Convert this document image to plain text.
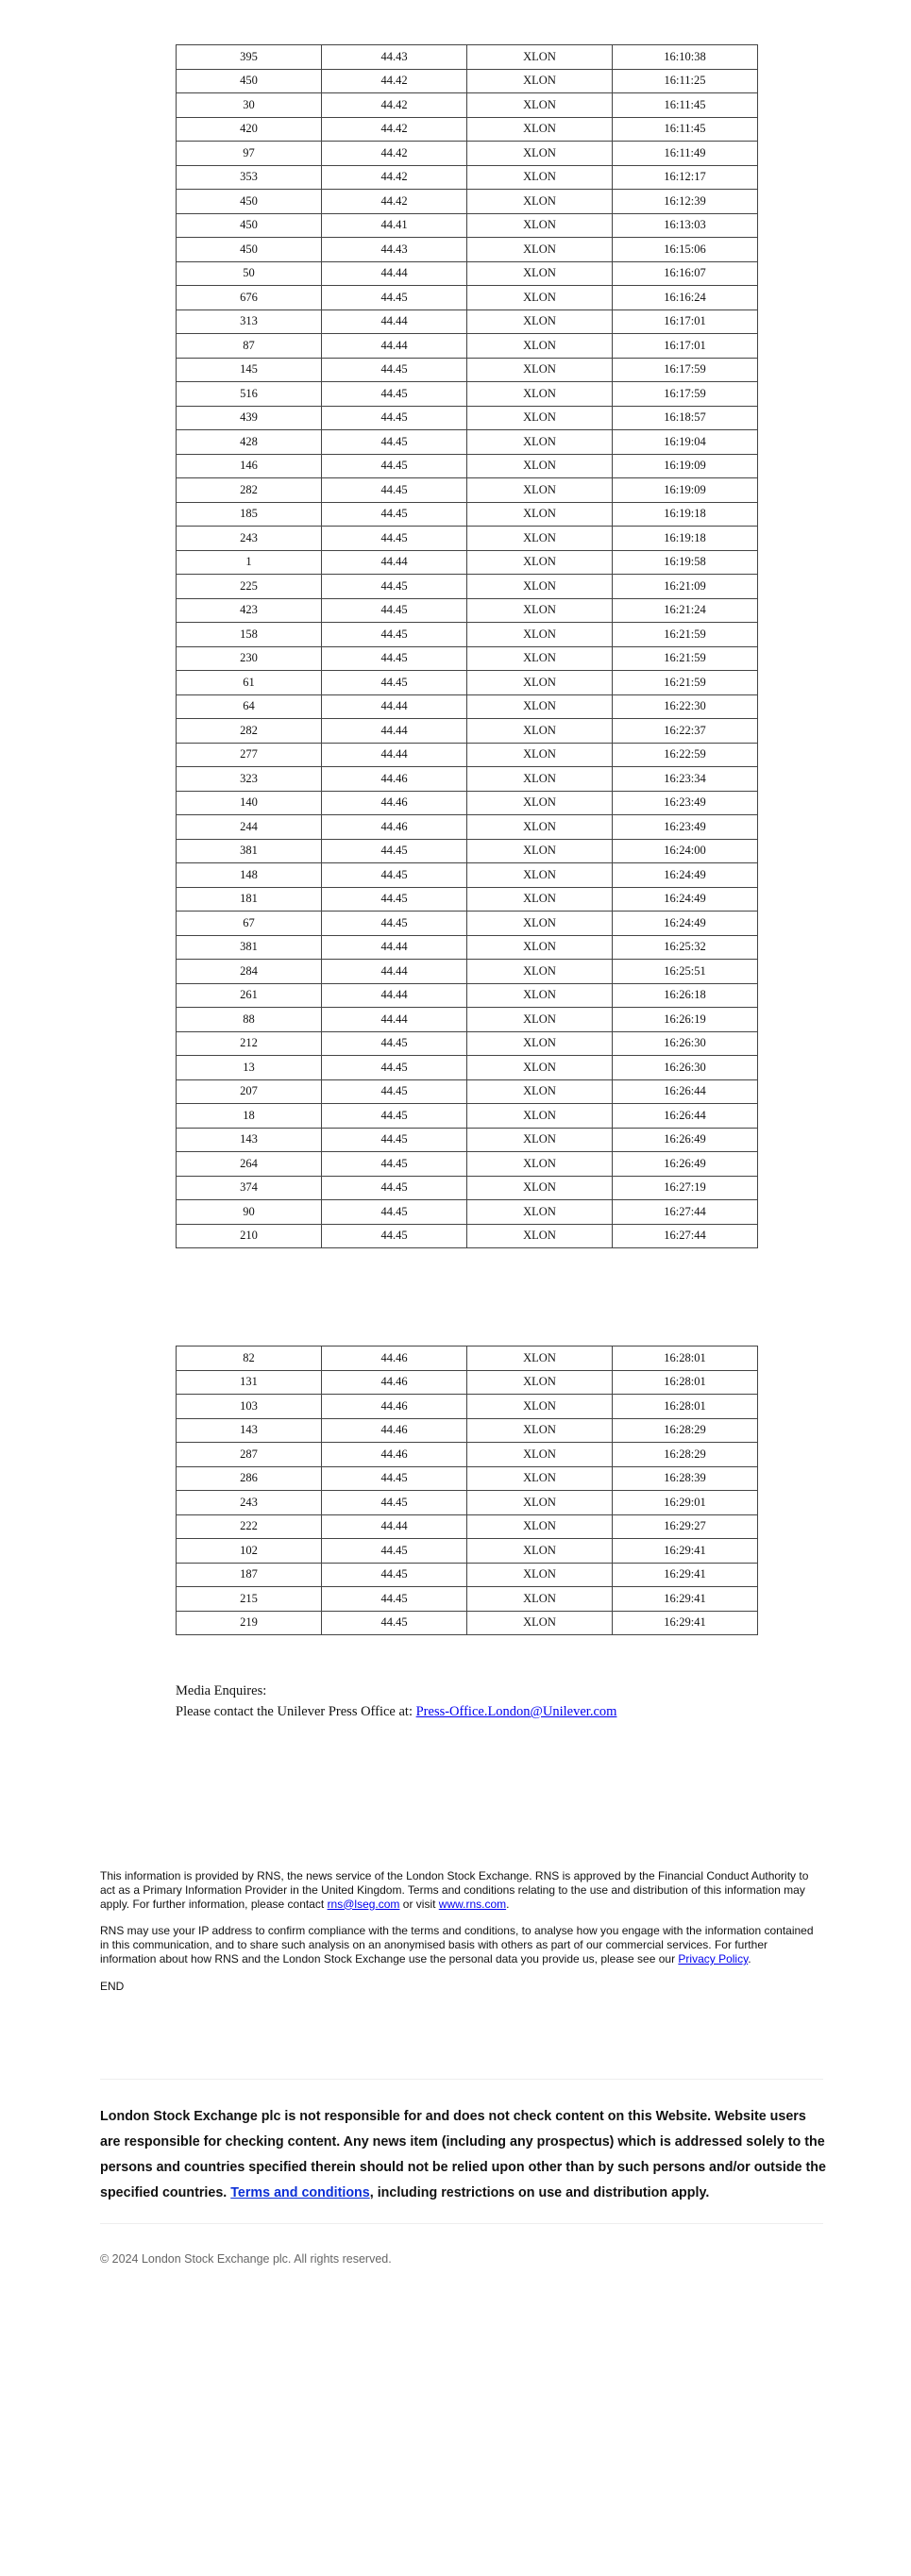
395	44.43	XLON	16:10:38
450	44.42	XLON	16:11:25
30	44.42	XLON	16:11:45
420	44.42	XLON	16:11:45
97	44.42	XLON	16:11:49
353	44.42	XLON	16:12:17
450	44.42	XLON	16:12:39
450	44.41	XLON	16:13:03
450	44.43	XLON	16:15:06
50	44.44	XLON	16:16:07
676	44.45	XLON	16:16:24
313	44.44	XLON	16:17:01
87	44.44	XLON	16:17:01
145	44.45	XLON	16:17:59
516	44.45	XLON	16:17:59
439	44.45	XLON	16:18:57
428	44.45	XLON	16:19:04
146	44.45	XLON	16:19:09
282	44.45	XLON	16:19:09
185	44.45	XLON	16:19:18
243	44.45	XLON	16:19:18
1	44.44	XLON	16:19:58
225	44.45	XLON	16:21:09
423	44.45	XLON	16:21:24
158	44.45	XLON	16:21:59
230	44.45	XLON	16:21:59
61	44.45	XLON	16:21:59
64	44.44	XLON	16:22:30
282	44.44	XLON	16:22:37
277	44.44	XLON	16:22:59
323	44.46	XLON	16:23:34
140	44.46	XLON	16:23:49
244	44.46	XLON	16:23:49
381	44.45	XLON	16:24:00
148	44.45	XLON	16:24:49
181	44.45	XLON	16:24:49
67	44.45	XLON	16:24:49
381	44.44	XLON	16:25:32
284	44.44	XLON	16:25:51
261	44.44	XLON	16:26:18
88	44.44	XLON	16:26:19
212	44.45	XLON	16:26:30
13	44.45	XLON	16:26:30
207	44.45	XLON	16:26:44
18	44.45	XLON	16:26:44
143	44.45	XLON	16:26:49
264	44.45	XLON	16:26:49
374	44.45	XLON	16:27:19
90	44.45	XLON	16:27:44
210	44.45	XLON	16:27:44
82	44.46	XLON	16:28:01
131	44.46	XLON	16:28:01
103	44.46	XLON	16:28:01
143	44.46	XLON	16:28:29
287	44.46	XLON	16:28:29
286	44.45	XLON	16:28:39
243	44.45	XLON	16:29:01
222	44.44	XLON	16:29:27
102	44.45	XLON	16:29:41
187	44.45	XLON	16:29:41
215	44.45	XLON	16:29:41
219	44.45	XLON	16:29:41
Media Enquires:
Please contact the Unilever Press Office at: Press-Office.London@Unilever.com

This information is provided by RNS, the news service of the London Stock Exchange. RNS is approved by the Financial Conduct Authority to act as a Primary Information Provider in the United Kingdom. Terms and conditions relating to the use and distribution of this information may apply. For further information, please contact rns@lseg.com or visit www.rns.com.

RNS may use your IP address to confirm compliance with the terms and conditions, to analyse how you engage with the information contained in this communication, and to share such analysis on an anonymised basis with others as part of our commercial services. For further information about how RNS and the London Stock Exchange use the personal data you provide us, please see our Privacy Policy.

END

London Stock Exchange plc is not responsible for and does not check content on this Website. Website users are responsible for checking content. Any news item (including any prospectus) which is addressed solely to the persons and countries specified therein should not be relied upon other than by such persons and/or outside the specified countries. Terms and conditions, including restrictions on use and distribution apply.

© 2024 London Stock Exchange plc. All rights reserved.
